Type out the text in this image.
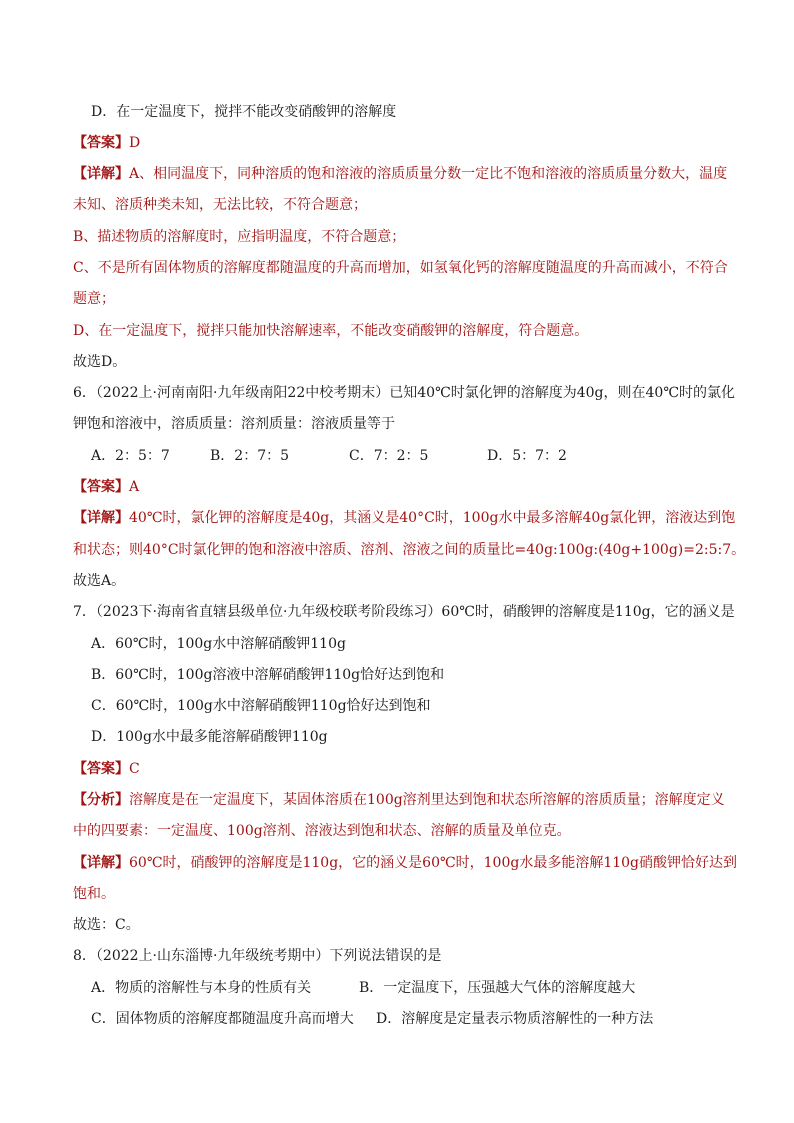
D．在一定温度下，搅拌不能改变硝酸钾的溶解度
【答案】D
【详解】A、相同温度下，同种溶质的饱和溶液的溶质质量分数一定比不饱和溶液的溶质质量分数大，温度
未知、溶质种类未知，无法比较，不符合题意；
B、描述物质的溶解度时，应指明温度，不符合题意；
C、不是所有固体物质的溶解度都随温度的升高而增加，如氢氧化钙的溶解度随温度的升高而减小，不符合
题意；
D、在一定温度下，搅拌只能加快溶解速率，不能改变硝酸钾的溶解度，符合题意。
故选D。
6．（2022上·河南南阳·九年级南阳22中校考期末）已知40℃时氯化钾的溶解度为40g，则在40℃时的氯化
钾饱和溶液中，溶质质量：溶剂质量：溶液质量等于
A．2：5：7	B．2：7：5	C．7：2：5	D．5：7：2
【答案】A
【详解】40℃时，氯化钾的溶解度是40g，其涵义是40°C时，100g水中最多溶解40g氯化钾，溶液达到饱
和状态；则40°C时氯化钾的饱和溶液中溶质、溶剂、溶液之间的质量比=40g:100g:(40g+100g)=2:5:7。
故选A。
7．（2023下·海南省直辖县级单位·九年级校联考阶段练习）60℃时，硝酸钾的溶解度是110g，它的涵义是
A．60℃时，100g水中溶解硝酸钾110g
B．60℃时，100g溶液中溶解硝酸钾110g恰好达到饱和
C．60℃时，100g水中溶解硝酸钾110g恰好达到饱和
D．100g水中最多能溶解硝酸钾110g
【答案】C
【分析】溶解度是在一定温度下，某固体溶质在100g溶剂里达到饱和状态所溶解的溶质质量；溶解度定义
中的四要素：一定温度、100g溶剂、溶液达到饱和状态、溶解的质量及单位克。
【详解】60℃时，硝酸钾的溶解度是110g，它的涵义是60℃时，100g水最多能溶解110g硝酸钾恰好达到
饱和。
故选：C。
8．（2022上·山东淄博·九年级统考期中）下列说法错误的是
A．物质的溶解性与本身的性质有关	B．一定温度下，压强越大气体的溶解度越大
C．固体物质的溶解度都随温度升高而增大 D．溶解度是定量表示物质溶解性的一种方法
